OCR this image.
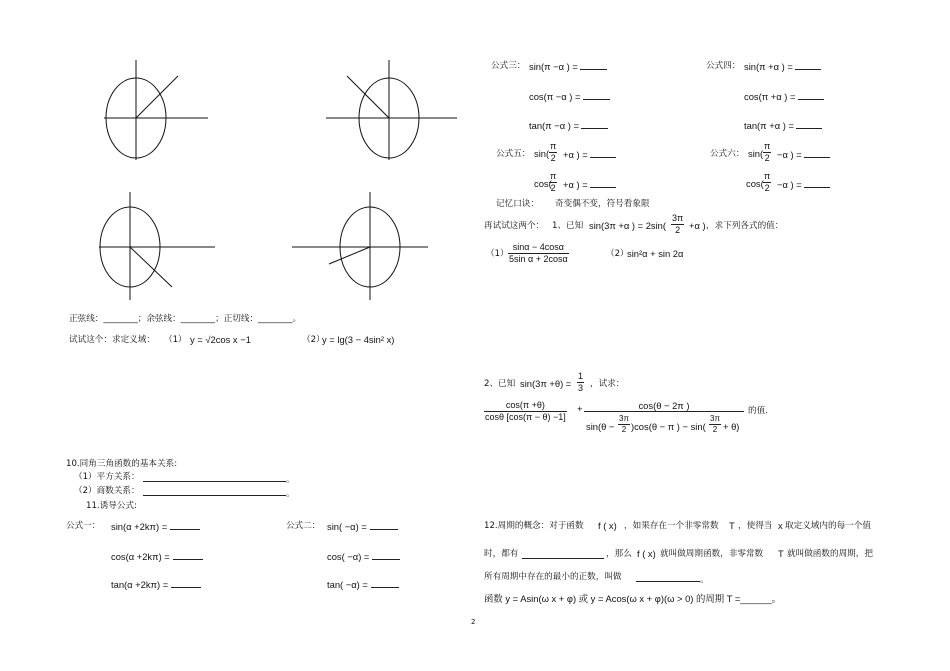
正弦线：________；余弦线：________；正切线：________。
试试这个：求定义域： （1） y = √2cos x −1	（2）
y = lg(3 − 4sin² x)
10.同角三角函数的基本关系:
（1）平方关系：	。
（2）商数关系：	。
11.诱导公式:
公式一： sin(α +2kπ) =
cos(α +2kπ) =
tan(α +2kπ) =
公式二： sin( −α) =
cos( −α) =
tan( −α) =
公式三： sin(π −α ) =
cos(π −α ) =
tan(π −α ) =
公式四： sin(π +α ) =
cos(π +α ) =
tan(π +α ) =
公式五： $\sin( \frac{\pi}{2} +\alpha$ ) =
cos(
$\frac{\pi}{2} +\alpha$ ) =
公式六： $\sin( \frac{\pi}{2} -\alpha$ ) =
$\cos( \frac{\pi}{2} -\alpha$ ) =
记忆口诀： 奇变偶不变，符号看象限
再试试这两个： 1、已知 sin(3π +α ) = $2\sin( \frac{3\pi}{2} +\alpha$ ) ，求下列各式的值：
$(1) \frac{\sin\alpha - 4\cos\alpha}{\text{5sin α + 2cosα}}$	（2）
sin²α + sin 2α
2、已知 $\sin(3\pi +\theta) = \frac{1}{3}$ ，试求：
$\frac{\cos(\pi +\theta)}{\cos\theta [\cos(\pi - \theta) -1]}$ +	cos(θ − 2π )
$\sin(\theta - \frac{3\pi}{2} )\cos(\theta - \pi$ ) − $\sin( \frac{3\pi}{2} + \theta)$
的值.
12.周期的概念：对于函数 f ( x) ，如果存在一个非零常数 T ，使得当 x 取定义域内的每一个值
时，都有	，那么 f ( x) 就叫做周期函数，非零常数 T 就叫做函数的周期，把
所有周期中存在的最小的正数，叫做	。
函数 y = Asin(ω x + φ) 或 y = Acos(ω x + φ)(ω > 0) 的周期 T =______。
2
